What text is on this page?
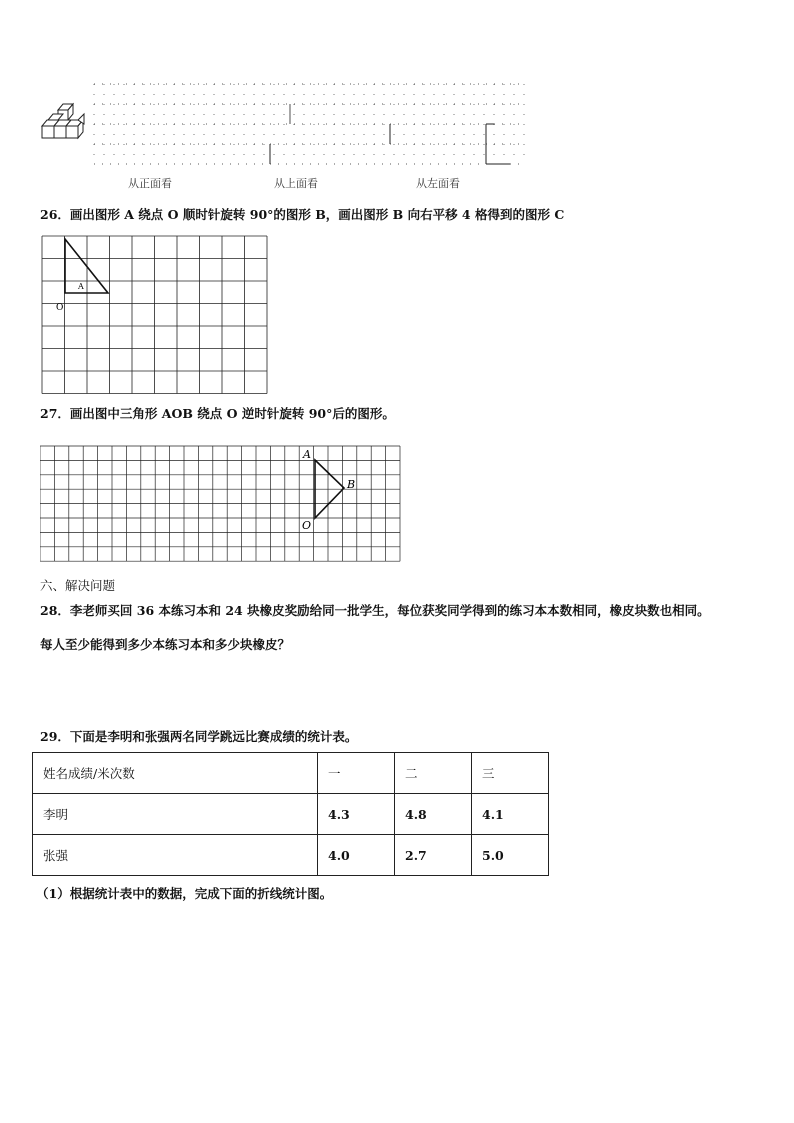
从正面看	从上面看	从左面看
26．画出图形 A 绕点 O 顺时针旋转 90°的图形 B，画出图形 B 向右平移 4 格得到的图形 C
A
O
27．画出图中三角形 AOB 绕点 O 逆时针旋转 90°后的图形。
A
B
O
六、解决问题
28．李老师买回 36 本练习本和 24 块橡皮奖励给同一批学生，每位获奖同学得到的练习本本数相同，橡皮块数也相同。
每人至少能得到多少本练习本和多少块橡皮？
29．下面是李明和张强两名同学跳远比赛成绩的统计表。
姓名成绩/米次数	一	二	三
李明	4.3	4.8	4.1
张强	4.0	2.7	5.0
（1）根据统计表中的数据，完成下面的折线统计图。
